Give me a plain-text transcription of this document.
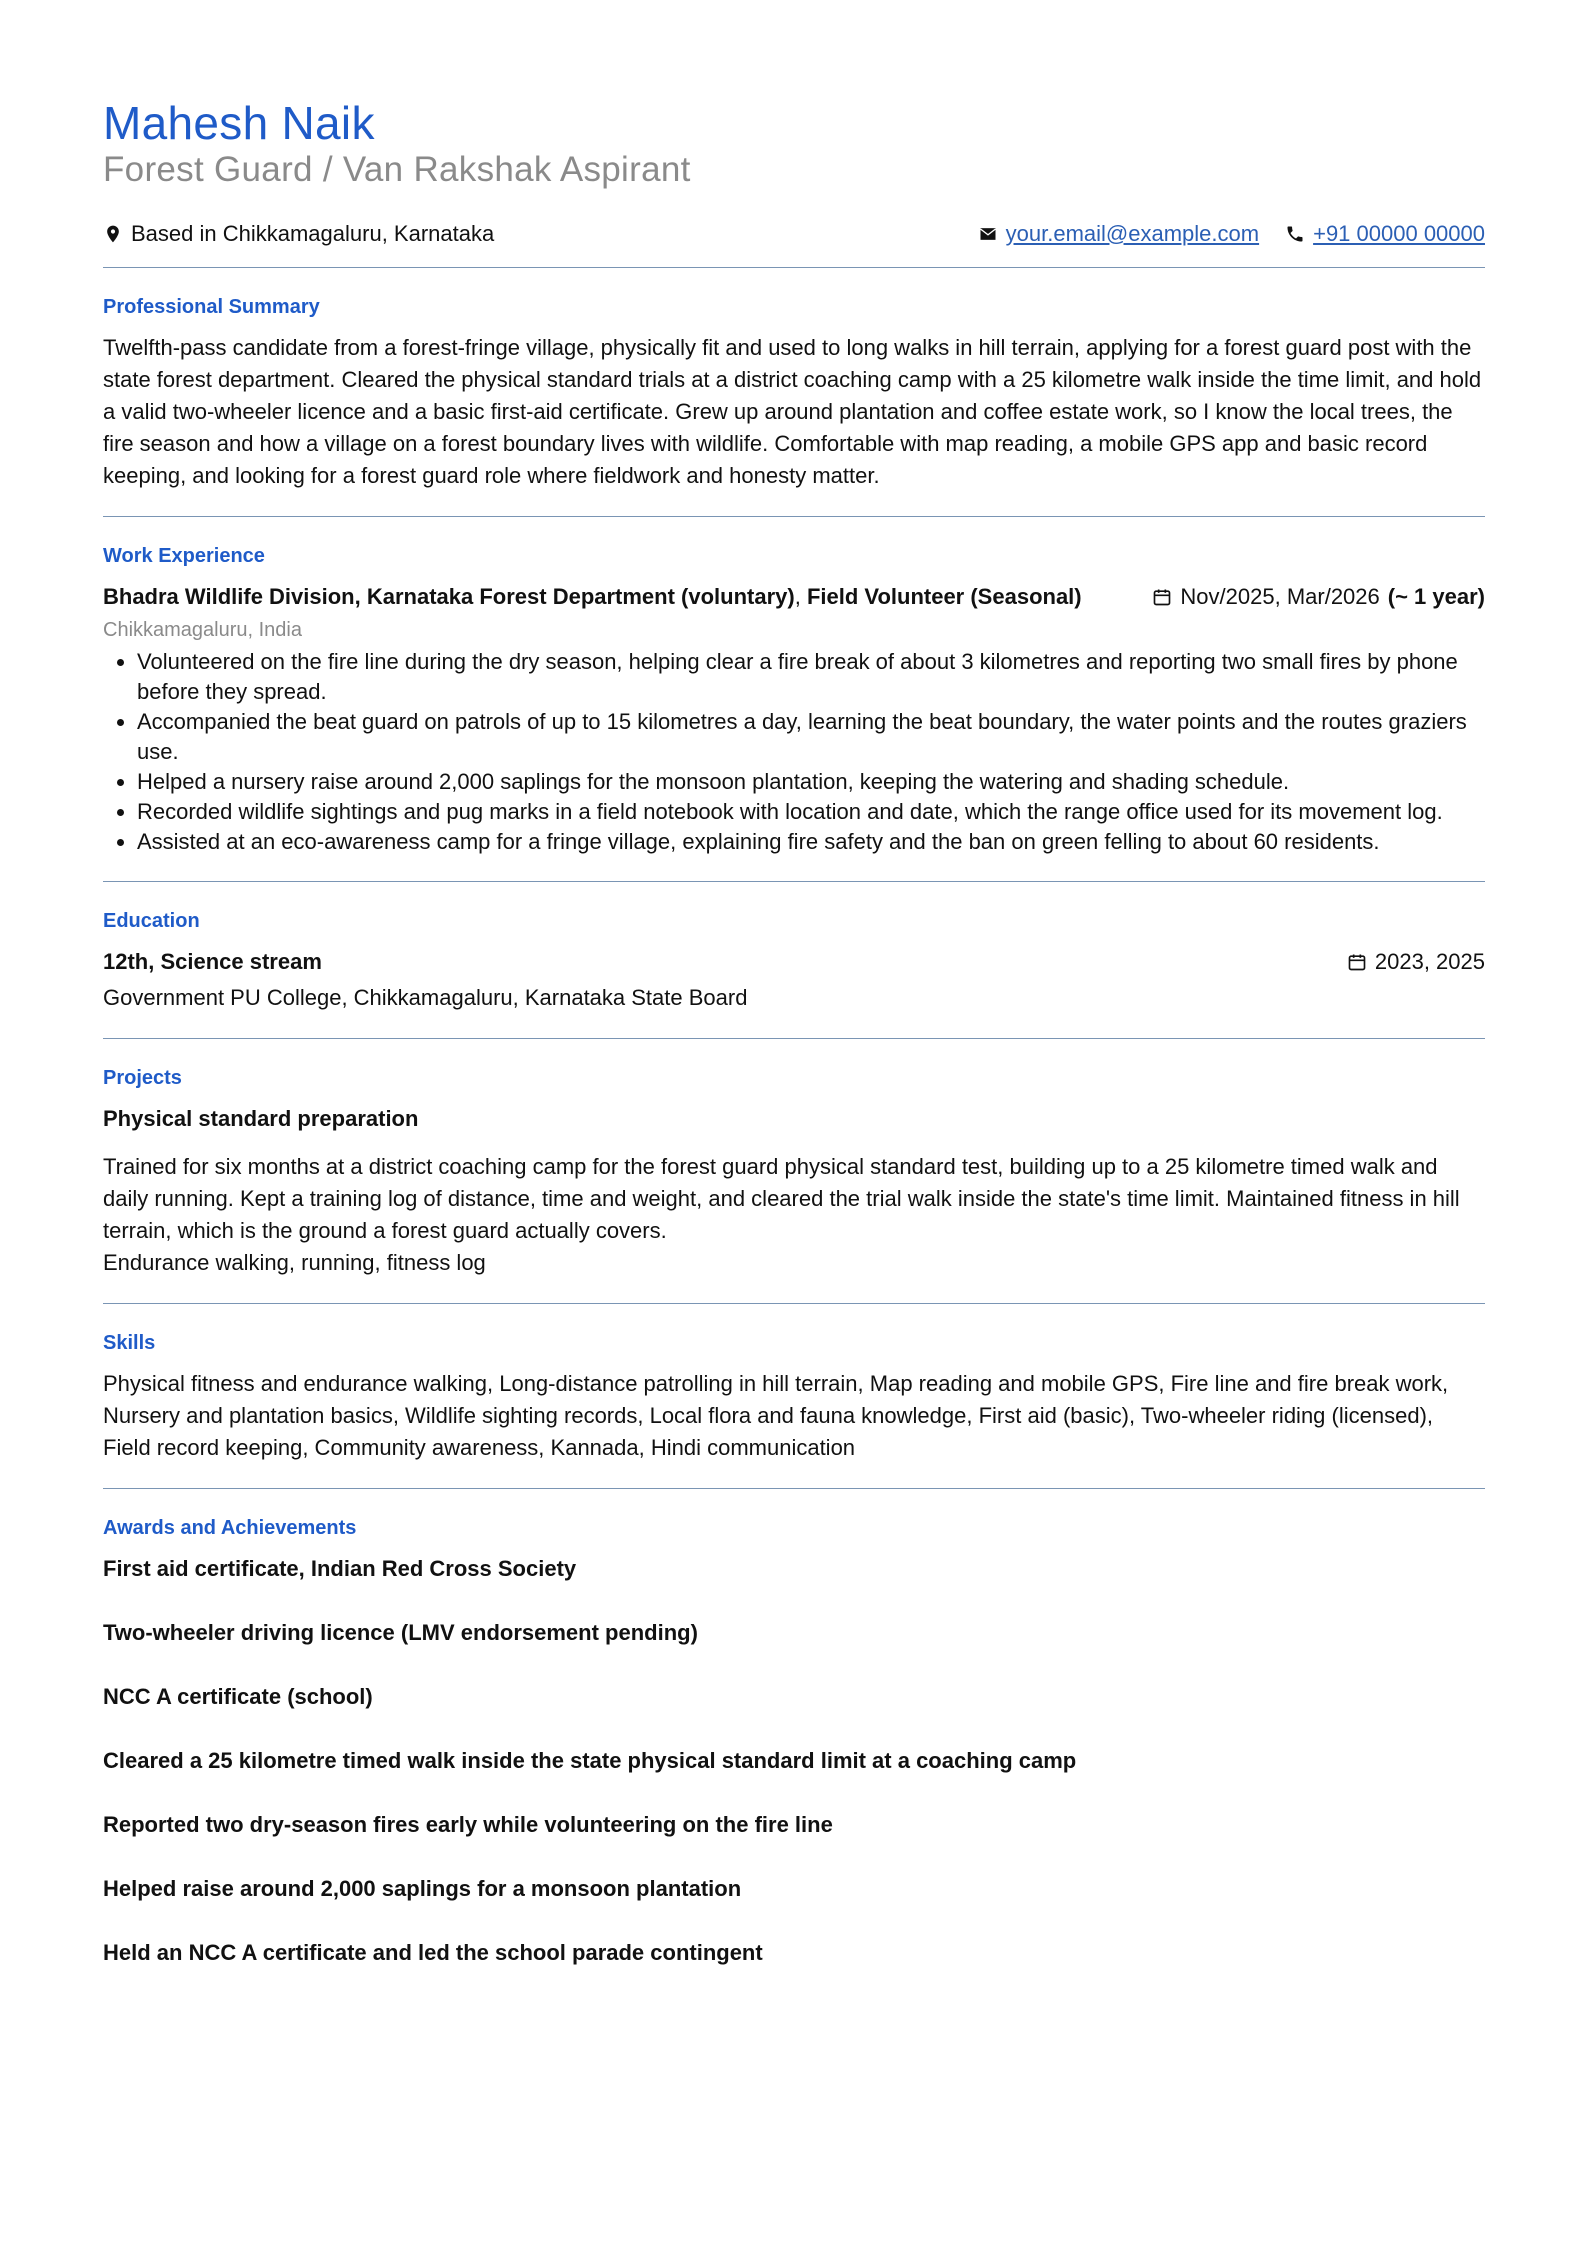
Mahesh Naik
Forest Guard / Van Rakshak Aspirant
Based in Chikkamagaluru, Karnataka	your.email@example.com +91 00000 00000
Professional Summary

Twelfth-pass candidate from a forest-fringe village, physically fit and used to long walks in hill terrain, applying for a forest guard post with the state forest department. Cleared the physical standard trials at a district coaching camp with a 25 kilometre walk inside the time limit, and hold a valid two-wheeler licence and a basic first-aid certificate. Grew up around plantation and coffee estate work, so I know the local trees, the fire season and how a village on a forest boundary lives with wildlife. Comfortable with map reading, a mobile GPS app and basic record keeping, and looking for a forest guard role where fieldwork and honesty matter.

Work Experience
Bhadra Wildlife Division, Karnataka Forest Department (voluntary), Field Volunteer (Seasonal)	Nov/2025, Mar/2026 (~ 1 year)
Chikkamagaluru, India
• Volunteered on the fire line during the dry season, helping clear a fire break of about 3 kilometres and reporting two small fires by phone before they spread.
• Accompanied the beat guard on patrols of up to 15 kilometres a day, learning the beat boundary, the water points and the routes graziers use.
• Helped a nursery raise around 2,000 saplings for the monsoon plantation, keeping the watering and shading schedule.
• Recorded wildlife sightings and pug marks in a field notebook with location and date, which the range office used for its movement log.
• Assisted at an eco-awareness camp for a fringe village, explaining fire safety and the ban on green felling to about 60 residents.
Education
12th, Science stream	2023, 2025

Government PU College, Chikkamagaluru, Karnataka State Board

Projects
Physical standard preparation

Trained for six months at a district coaching camp for the forest guard physical standard test, building up to a 25 kilometre timed walk and daily running. Kept a training log of distance, time and weight, and cleared the trial walk inside the state's time limit. Maintained fitness in hill terrain, which is the ground a forest guard actually covers.

Endurance walking, running, fitness log

Skills

Physical fitness and endurance walking, Long-distance patrolling in hill terrain, Map reading and mobile GPS, Fire line and fire break work, Nursery and plantation basics, Wildlife sighting records, Local flora and fauna knowledge, First aid (basic), Two-wheeler riding (licensed), Field record keeping, Community awareness, Kannada, Hindi communication

Awards and Achievements
First aid certificate, Indian Red Cross Society
Two-wheeler driving licence (LMV endorsement pending)
NCC A certificate (school)
Cleared a 25 kilometre timed walk inside the state physical standard limit at a coaching camp
Reported two dry-season fires early while volunteering on the fire line
Helped raise around 2,000 saplings for a monsoon plantation
Held an NCC A certificate and led the school parade contingent
